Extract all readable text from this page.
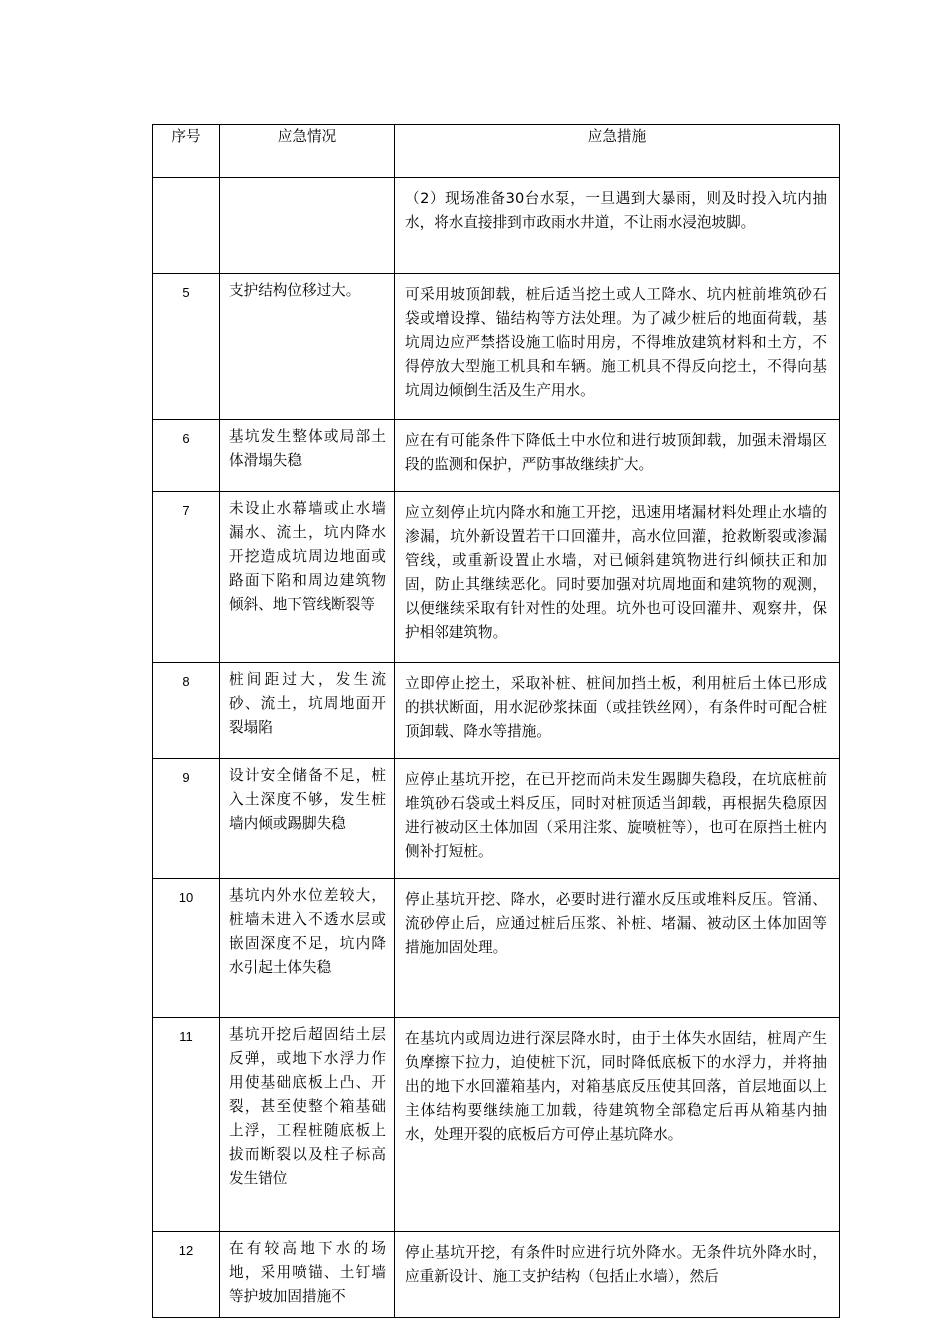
序号	应急情况	应急措施
		（2）现场准备30台水泵，一旦遇到大暴雨，则及时投入坑内抽水，将水直接排到市政雨水井道，不让雨水浸泡坡脚。
5	支护结构位移过大。	可采用坡顶卸载，桩后适当挖土或人工降水、坑内桩前堆筑砂石袋或增设撑、锚结构等方法处理。为了减少桩后的地面荷载，基坑周边应严禁搭设施工临时用房，不得堆放建筑材料和土方，不得停放大型施工机具和车辆。施工机具不得反向挖土，不得向基坑周边倾倒生活及生产用水。
6	基坑发生整体或局部土体滑塌失稳	应在有可能条件下降低土中水位和进行坡顶卸载，加强未滑塌区段的监测和保护，严防事故继续扩大。
7	未设止水幕墙或止水墙漏水、流土，坑内降水开挖造成坑周边地面或路面下陷和周边建筑物倾斜、地下管线断裂等	应立刻停止坑内降水和施工开挖，迅速用堵漏材料处理止水墙的渗漏，坑外新设置若干口回灌井，高水位回灌，抢救断裂或渗漏管线，或重新设置止水墙，对已倾斜建筑物进行纠倾扶正和加固，防止其继续恶化。同时要加强对坑周地面和建筑物的观测，以便继续采取有针对性的处理。坑外也可设回灌井、观察井，保护相邻建筑物。
8	桩间距过大，发生流砂、流土，坑周地面开裂塌陷	立即停止挖土，采取补桩、桩间加挡土板，利用桩后土体已形成的拱状断面，用水泥砂浆抹面（或挂铁丝网），有条件时可配合桩顶卸载、降水等措施。
9	设计安全储备不足，桩入土深度不够，发生桩墙内倾或踢脚失稳	应停止基坑开挖，在已开挖而尚未发生踢脚失稳段，在坑底桩前堆筑砂石袋或土料反压，同时对桩顶适当卸载，再根据失稳原因进行被动区土体加固（采用注浆、旋喷桩等），也可在原挡土桩内侧补打短桩。
10	基坑内外水位差较大，桩墙未进入不透水层或嵌固深度不足，坑内降水引起土体失稳	停止基坑开挖、降水，必要时进行灌水反压或堆料反压。管涌、流砂停止后，应通过桩后压浆、补桩、堵漏、被动区土体加固等措施加固处理。
11	基坑开挖后超固结土层反弹，或地下水浮力作用使基础底板上凸、开裂，甚至使整个箱基础上浮，工程桩随底板上拔而断裂以及柱子标高发生错位	在基坑内或周边进行深层降水时，由于土体失水固结，桩周产生负摩擦下拉力，迫使桩下沉，同时降低底板下的水浮力，并将抽出的地下水回灌箱基内，对箱基底反压使其回落，首层地面以上主体结构要继续施工加载，待建筑物全部稳定后再从箱基内抽水，处理开裂的底板后方可停止基坑降水。
12	在有较高地下水的场地，采用喷锚、土钉墙等护坡加固措施不	停止基坑开挖，有条件时应进行坑外降水。无条件坑外降水时，应重新设计、施工支护结构（包括止水墙），然后
